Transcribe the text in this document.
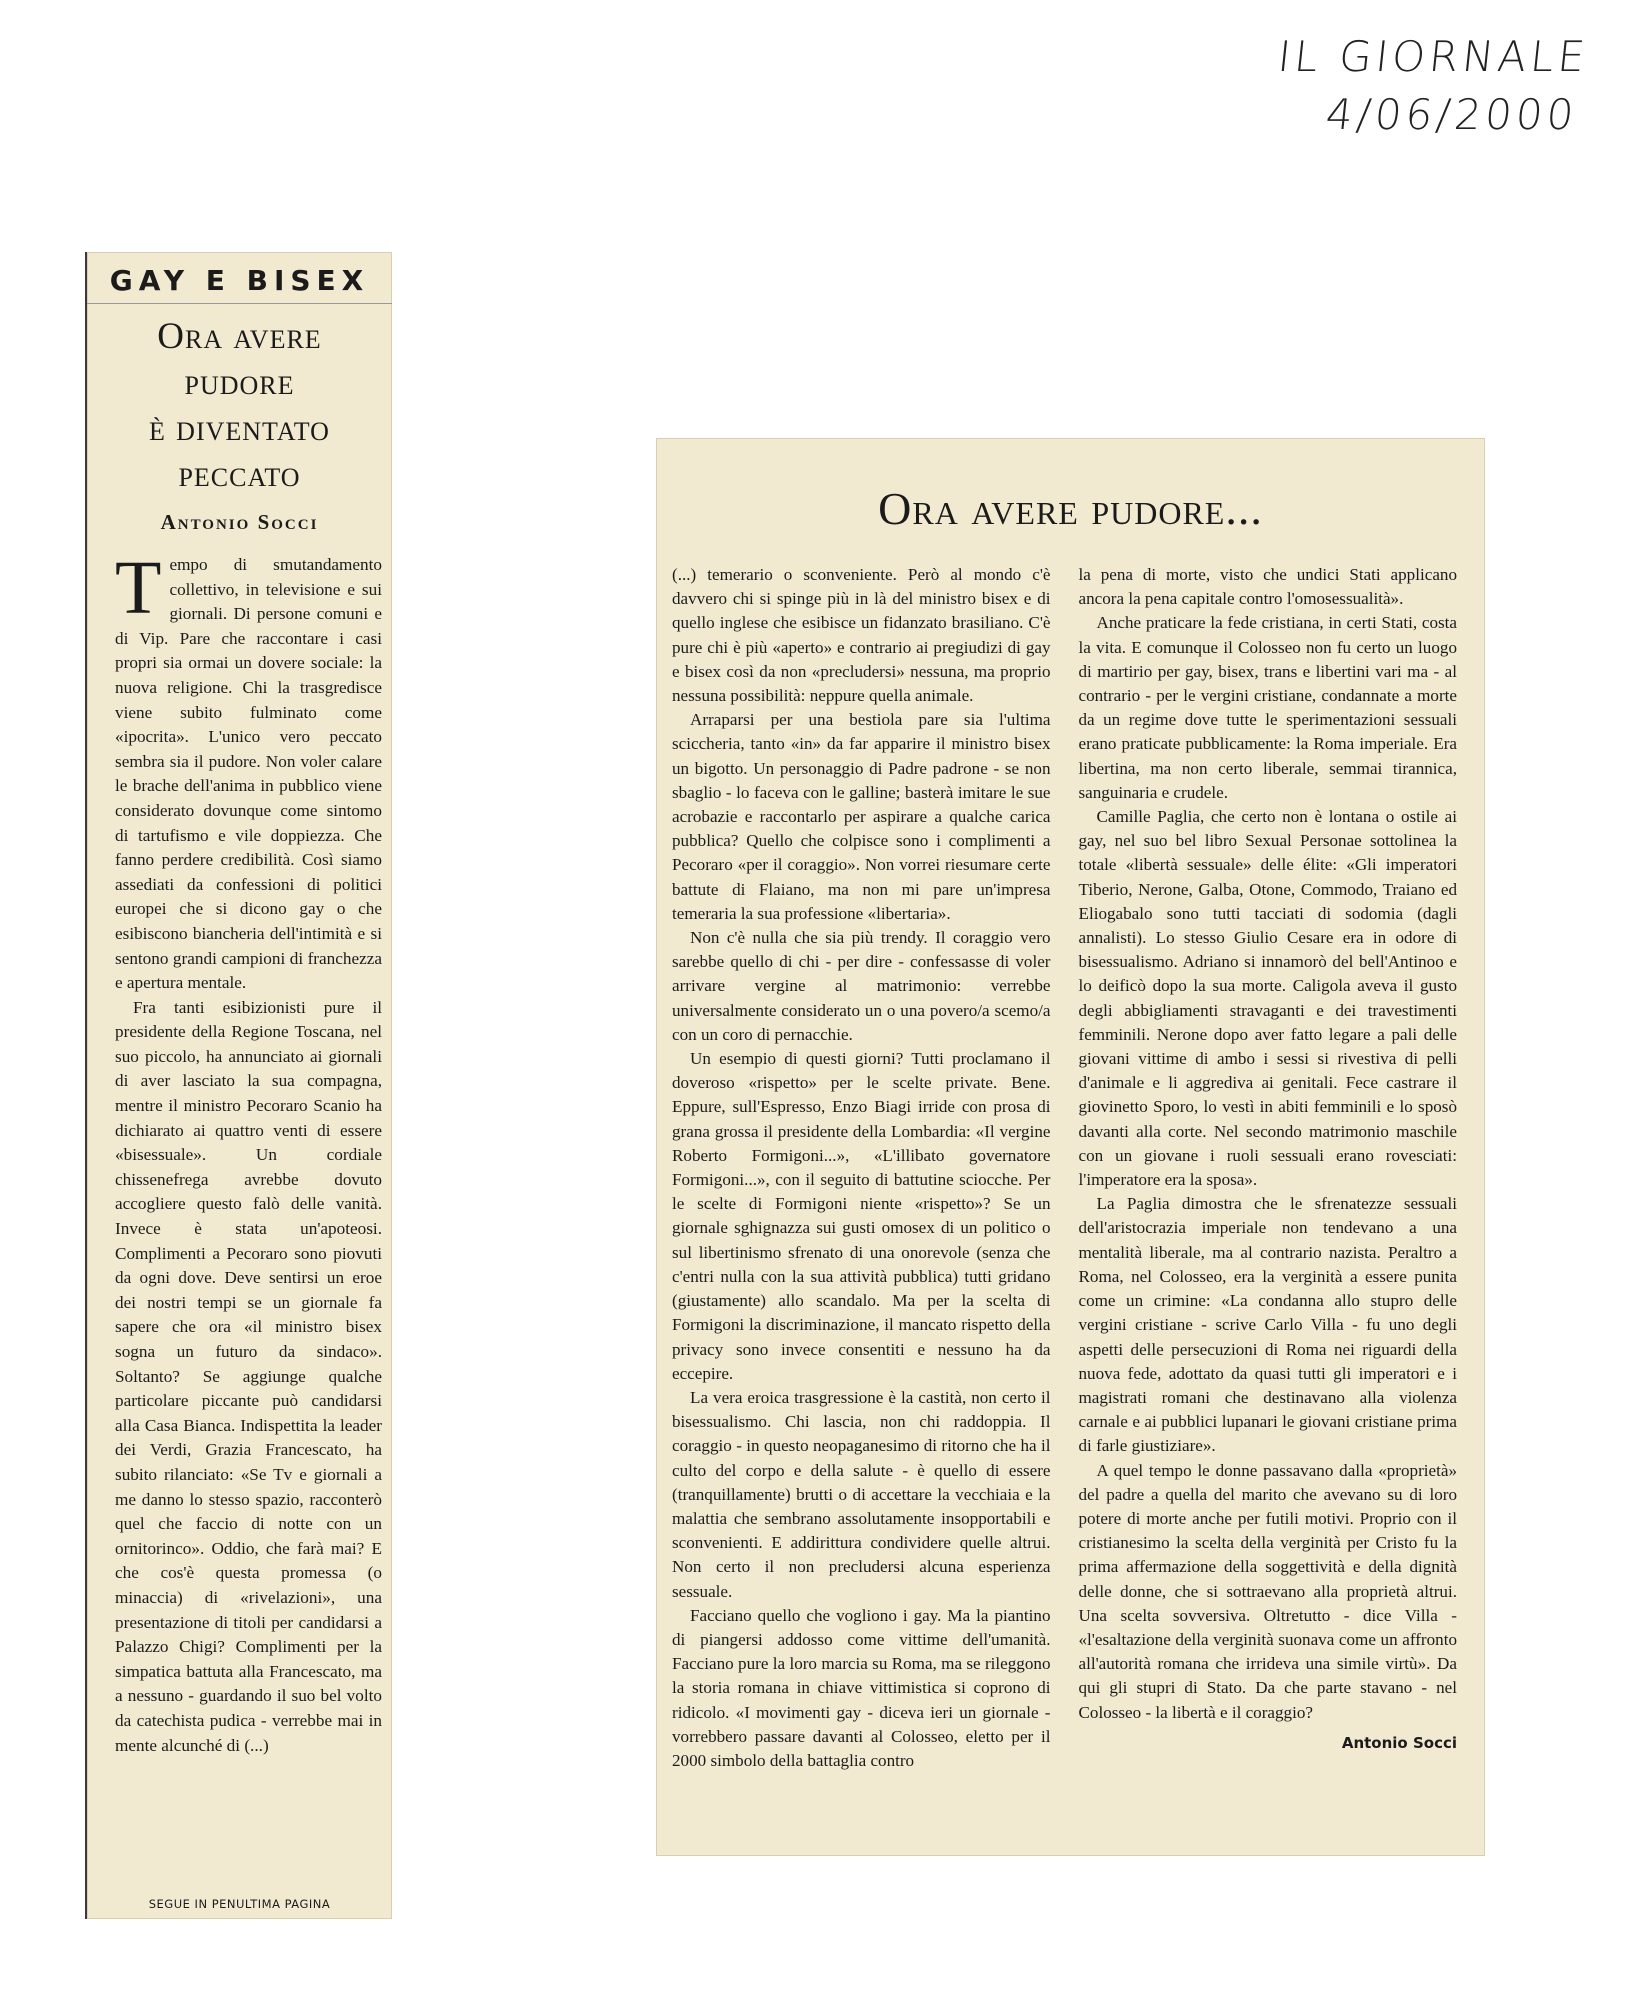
IL GIORNALE
4/06/2000
GAY E BISEX
Ora avere
pudore
è diventato
peccato
Antonio Socci

Tempo di smutandamento collettivo, in televisione e sui giornali. Di persone comuni e di Vip. Pare che raccontare i casi propri sia ormai un dovere sociale: la nuova religione. Chi la trasgredisce viene subito fulminato come «ipocrita». L'unico vero peccato sembra sia il pudore. Non voler calare le brache dell'anima in pubblico viene considerato dovunque come sintomo di tartufismo e vile doppiezza. Che fanno perdere credibilità. Così siamo assediati da confessioni di politici europei che si dicono gay o che esibiscono biancheria dell'intimità e si sentono grandi campioni di franchezza e apertura mentale.

Fra tanti esibizionisti pure il presidente della Regione Toscana, nel suo piccolo, ha annunciato ai giornali di aver lasciato la sua compagna, mentre il ministro Pecoraro Scanio ha dichiarato ai quattro venti di essere «bisessuale». Un cordiale chissenefrega avrebbe dovuto accogliere questo falò delle vanità. Invece è stata un'apoteosi. Complimenti a Pecoraro sono piovuti da ogni dove. Deve sentirsi un eroe dei nostri tempi se un giornale fa sapere che ora «il ministro bisex sogna un futuro da sindaco». Soltanto? Se aggiunge qualche particolare piccante può candidarsi alla Casa Bianca. Indispettita la leader dei Verdi, Grazia Francescato, ha subito rilanciato: «Se Tv e giornali a me danno lo stesso spazio, racconterò quel che faccio di notte con un ornitorinco». Oddio, che farà mai? E che cos'è questa promessa (o minaccia) di «rivelazioni», una presentazione di titoli per candidarsi a Palazzo Chigi? Complimenti per la simpatica battuta alla Francescato, ma a nessuno - guardando il suo bel volto da catechista pudica - verrebbe mai in mente alcunché di (...)

SEGUE IN PENULTIMA PAGINA
Ora avere pudore...

(...) temerario o sconveniente. Però al mondo c'è davvero chi si spinge più in là del ministro bisex e di quello inglese che esibisce un fidanzato brasiliano. C'è pure chi è più «aperto» e contrario ai pregiudizi di gay e bisex così da non «precludersi» nessuna, ma proprio nessuna possibilità: neppure quella animale.

Arraparsi per una bestiola pare sia l'ultima sciccheria, tanto «in» da far apparire il ministro bisex un bigotto. Un personaggio di Padre padrone - se non sbaglio - lo faceva con le galline; basterà imitare le sue acrobazie e raccontarlo per aspirare a qualche carica pubblica? Quello che colpisce sono i complimenti a Pecoraro «per il coraggio». Non vorrei riesumare certe battute di Flaiano, ma non mi pare un'impresa temeraria la sua professione «libertaria».

Non c'è nulla che sia più trendy. Il coraggio vero sarebbe quello di chi - per dire - confessasse di voler arrivare vergine al matrimonio: verrebbe universalmente considerato un o una povero/a scemo/a con un coro di pernacchie.

Un esempio di questi giorni? Tutti proclamano il doveroso «rispetto» per le scelte private. Bene. Eppure, sull'Espresso, Enzo Biagi irride con prosa di grana grossa il presidente della Lombardia: «Il vergine Roberto Formigoni...», «L'illibato governatore Formigoni...», con il seguito di battutine sciocche. Per le scelte di Formigoni niente «rispetto»? Se un giornale sghignazza sui gusti omosex di un politico o sul libertinismo sfrenato di una onorevole (senza che c'entri nulla con la sua attività pubblica) tutti gridano (giustamente) allo scandalo. Ma per la scelta di Formigoni la discriminazione, il mancato rispetto della privacy sono invece consentiti e nessuno ha da eccepire.

La vera eroica trasgressione è la castità, non certo il bisessualismo. Chi lascia, non chi raddoppia. Il coraggio - in questo neopaganesimo di ritorno che ha il culto del corpo e della salute - è quello di essere (tranquillamente) brutti o di accettare la vecchiaia e la malattia che sembrano assolutamente insopportabili e sconvenienti. E addirittura condividere quelle altrui. Non certo il non precludersi alcuna esperienza sessuale.

Facciano quello che vogliono i gay. Ma la piantino di piangersi addosso come vittime dell'umanità. Facciano pure la loro marcia su Roma, ma se rileggono la storia romana in chiave vittimistica si coprono di ridicolo. «I movimenti gay - diceva ieri un giornale - vorrebbero passare davanti al Colosseo, eletto per il 2000 simbolo della battaglia contro

la pena di morte, visto che undici Stati applicano ancora la pena capitale contro l'omosessualità».

Anche praticare la fede cristiana, in certi Stati, costa la vita. E comunque il Colosseo non fu certo un luogo di martirio per gay, bisex, trans e libertini vari ma - al contrario - per le vergini cristiane, condannate a morte da un regime dove tutte le sperimentazioni sessuali erano praticate pubblicamente: la Roma imperiale. Era libertina, ma non certo liberale, semmai tirannica, sanguinaria e crudele.

Camille Paglia, che certo non è lontana o ostile ai gay, nel suo bel libro Sexual Personae sottolinea la totale «libertà sessuale» delle élite: «Gli imperatori Tiberio, Nerone, Galba, Otone, Commodo, Traiano ed Eliogabalo sono tutti tacciati di sodomia (dagli annalisti). Lo stesso Giulio Cesare era in odore di bisessualismo. Adriano si innamorò del bell'Antinoo e lo deificò dopo la sua morte. Caligola aveva il gusto degli abbigliamenti stravaganti e dei travestimenti femminili. Nerone dopo aver fatto legare a pali delle giovani vittime di ambo i sessi si rivestiva di pelli d'animale e li aggrediva ai genitali. Fece castrare il giovinetto Sporo, lo vestì in abiti femminili e lo sposò davanti alla corte. Nel secondo matrimonio maschile con un giovane i ruoli sessuali erano rovesciati: l'imperatore era la sposa».

La Paglia dimostra che le sfrenatezze sessuali dell'aristocrazia imperiale non tendevano a una mentalità liberale, ma al contrario nazista. Peraltro a Roma, nel Colosseo, era la verginità a essere punita come un crimine: «La condanna allo stupro delle vergini cristiane - scrive Carlo Villa - fu uno degli aspetti delle persecuzioni di Roma nei riguardi della nuova fede, adottato da quasi tutti gli imperatori e i magistrati romani che destinavano alla violenza carnale e ai pubblici lupanari le giovani cristiane prima di farle giustiziare».

A quel tempo le donne passavano dalla «proprietà» del padre a quella del marito che avevano su di loro potere di morte anche per futili motivi. Proprio con il cristianesimo la scelta della verginità per Cristo fu la prima affermazione della soggettività e della dignità delle donne, che si sottraevano alla proprietà altrui. Una scelta sovversiva. Oltretutto - dice Villa - «l'esaltazione della verginità suonava come un affronto all'autorità romana che irrideva una simile virtù». Da qui gli stupri di Stato. Da che parte stavano - nel Colosseo - la libertà e il coraggio?

Antonio Socci
